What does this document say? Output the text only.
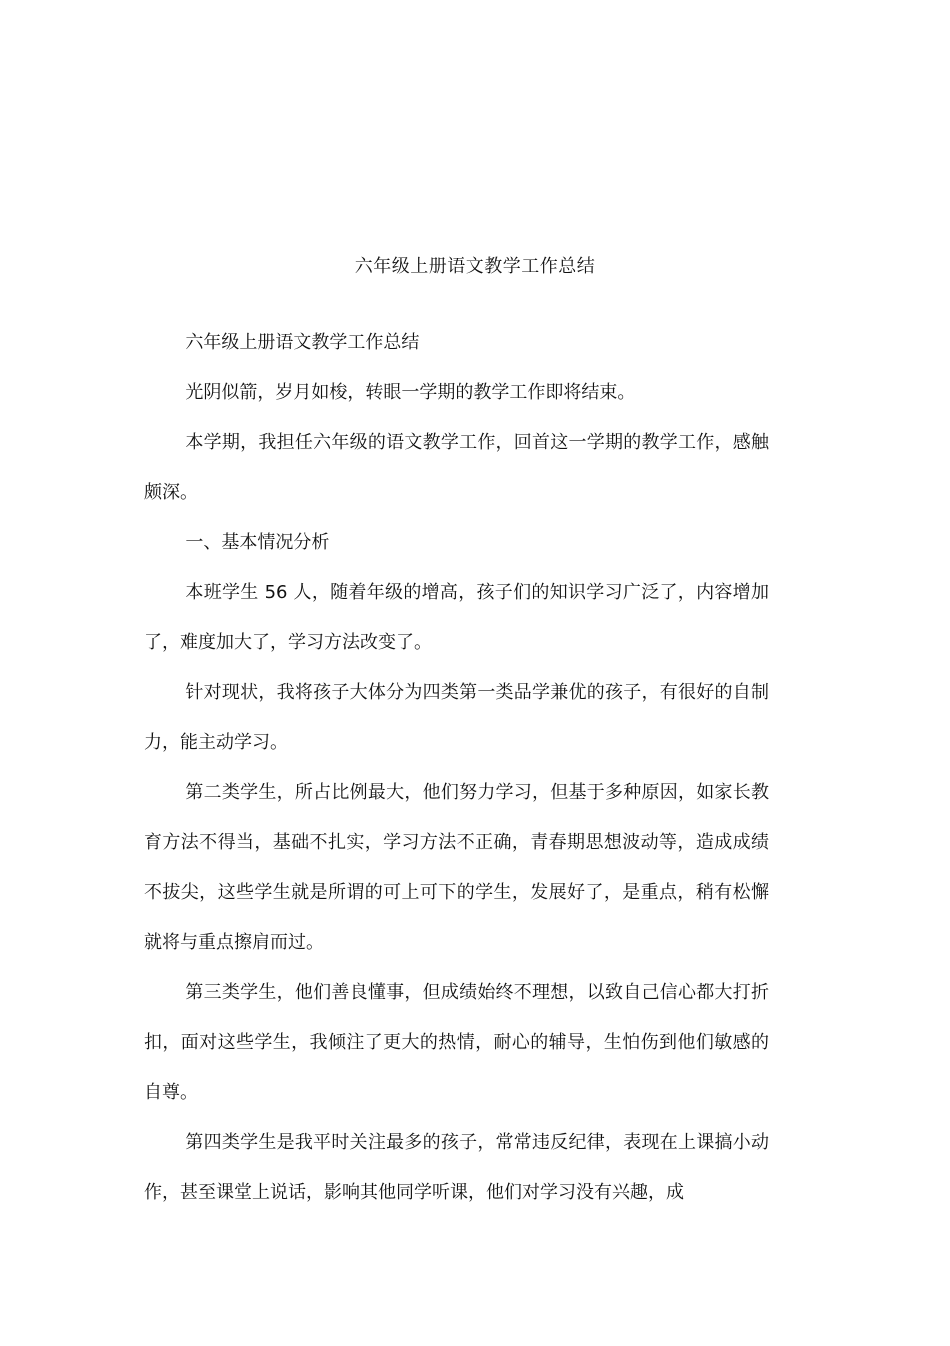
六年级上册语文教学工作总结

六年级上册语文教学工作总结

光阴似箭，岁月如梭，转眼一学期的教学工作即将结束。

本学期，我担任六年级的语文教学工作，回首这一学期的教学工作，感触颇深。

一、基本情况分析

本班学生 56 人，随着年级的增高，孩子们的知识学习广泛了，内容增加了，难度加大了，学习方法改变了。

针对现状，我将孩子大体分为四类第一类品学兼优的孩子，有很好的自制力，能主动学习。

第二类学生，所占比例最大，他们努力学习，但基于多种原因，如家长教育方法不得当，基础不扎实，学习方法不正确，青春期思想波动等，造成成绩不拔尖，这些学生就是所谓的可上可下的学生，发展好了，是重点，稍有松懈就将与重点擦肩而过。

第三类学生，他们善良懂事，但成绩始终不理想，以致自己信心都大打折扣，面对这些学生，我倾注了更大的热情，耐心的辅导，生怕伤到他们敏感的自尊。

第四类学生是我平时关注最多的孩子，常常违反纪律，表现在上课搞小动作，甚至课堂上说话，影响其他同学听课，他们对学习没有兴趣，成
